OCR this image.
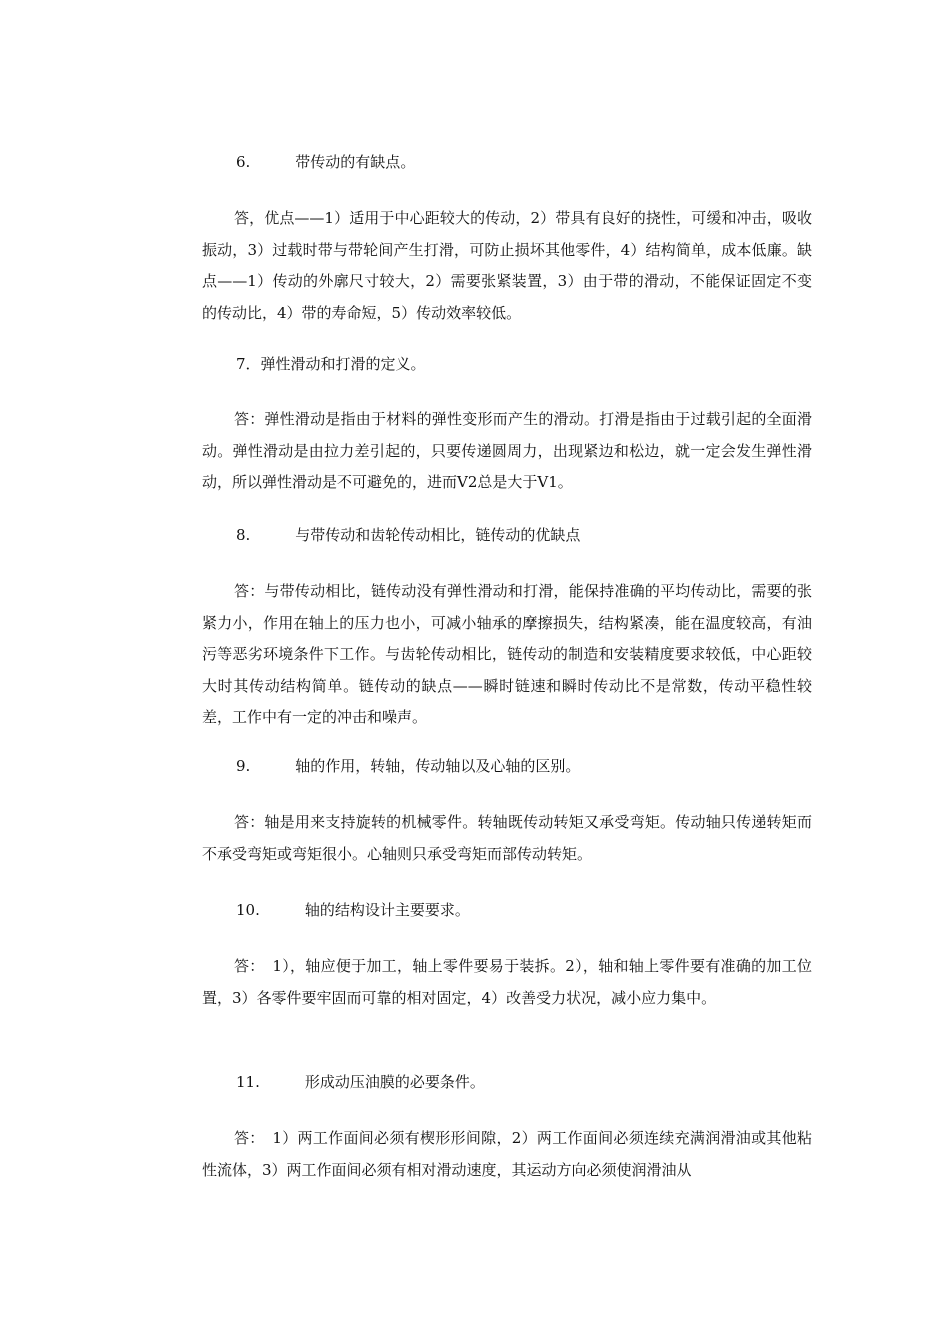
6.　　　带传动的有缺点。

答，优点——1）适用于中心距较大的传动，2）带具有良好的挠性，可缓和冲击，吸收振动，3）过载时带与带轮间产生打滑，可防止损坏其他零件，4）结构简单，成本低廉。缺点——1）传动的外廓尺寸较大，2）需要张紧装置，3）由于带的滑动，不能保证固定不变的传动比，4）带的寿命短，5）传动效率较低。

7．弹性滑动和打滑的定义。

答：弹性滑动是指由于材料的弹性变形而产生的滑动。打滑是指由于过载引起的全面滑动。弹性滑动是由拉力差引起的，只要传递圆周力，出现紧边和松边，就一定会发生弹性滑动，所以弹性滑动是不可避免的，进而V2总是大于V1。

8.　　　与带传动和齿轮传动相比，链传动的优缺点

答：与带传动相比，链传动没有弹性滑动和打滑，能保持准确的平均传动比，需要的张紧力小，作用在轴上的压力也小，可减小轴承的摩擦损失，结构紧凑，能在温度较高，有油污等恶劣环境条件下工作。与齿轮传动相比，链传动的制造和安装精度要求较低，中心距较大时其传动结构简单。链传动的缺点——瞬时链速和瞬时传动比不是常数，传动平稳性较差，工作中有一定的冲击和噪声。

9.　　　轴的作用，转轴，传动轴以及心轴的区别。

答：轴是用来支持旋转的机械零件。转轴既传动转矩又承受弯矩。传动轴只传递转矩而不承受弯矩或弯矩很小。心轴则只承受弯矩而部传动转矩。

10.　　　轴的结构设计主要要求。

答：　1），轴应便于加工，轴上零件要易于装拆。2），轴和轴上零件要有准确的加工位置，3）各零件要牢固而可靠的相对固定，4）改善受力状况，减小应力集中。

11.　　　形成动压油膜的必要条件。

答：　1）两工作面间必须有楔形形间隙，2）两工作面间必须连续充满润滑油或其他粘性流体，3）两工作面间必须有相对滑动速度，其运动方向必须使润滑油从
